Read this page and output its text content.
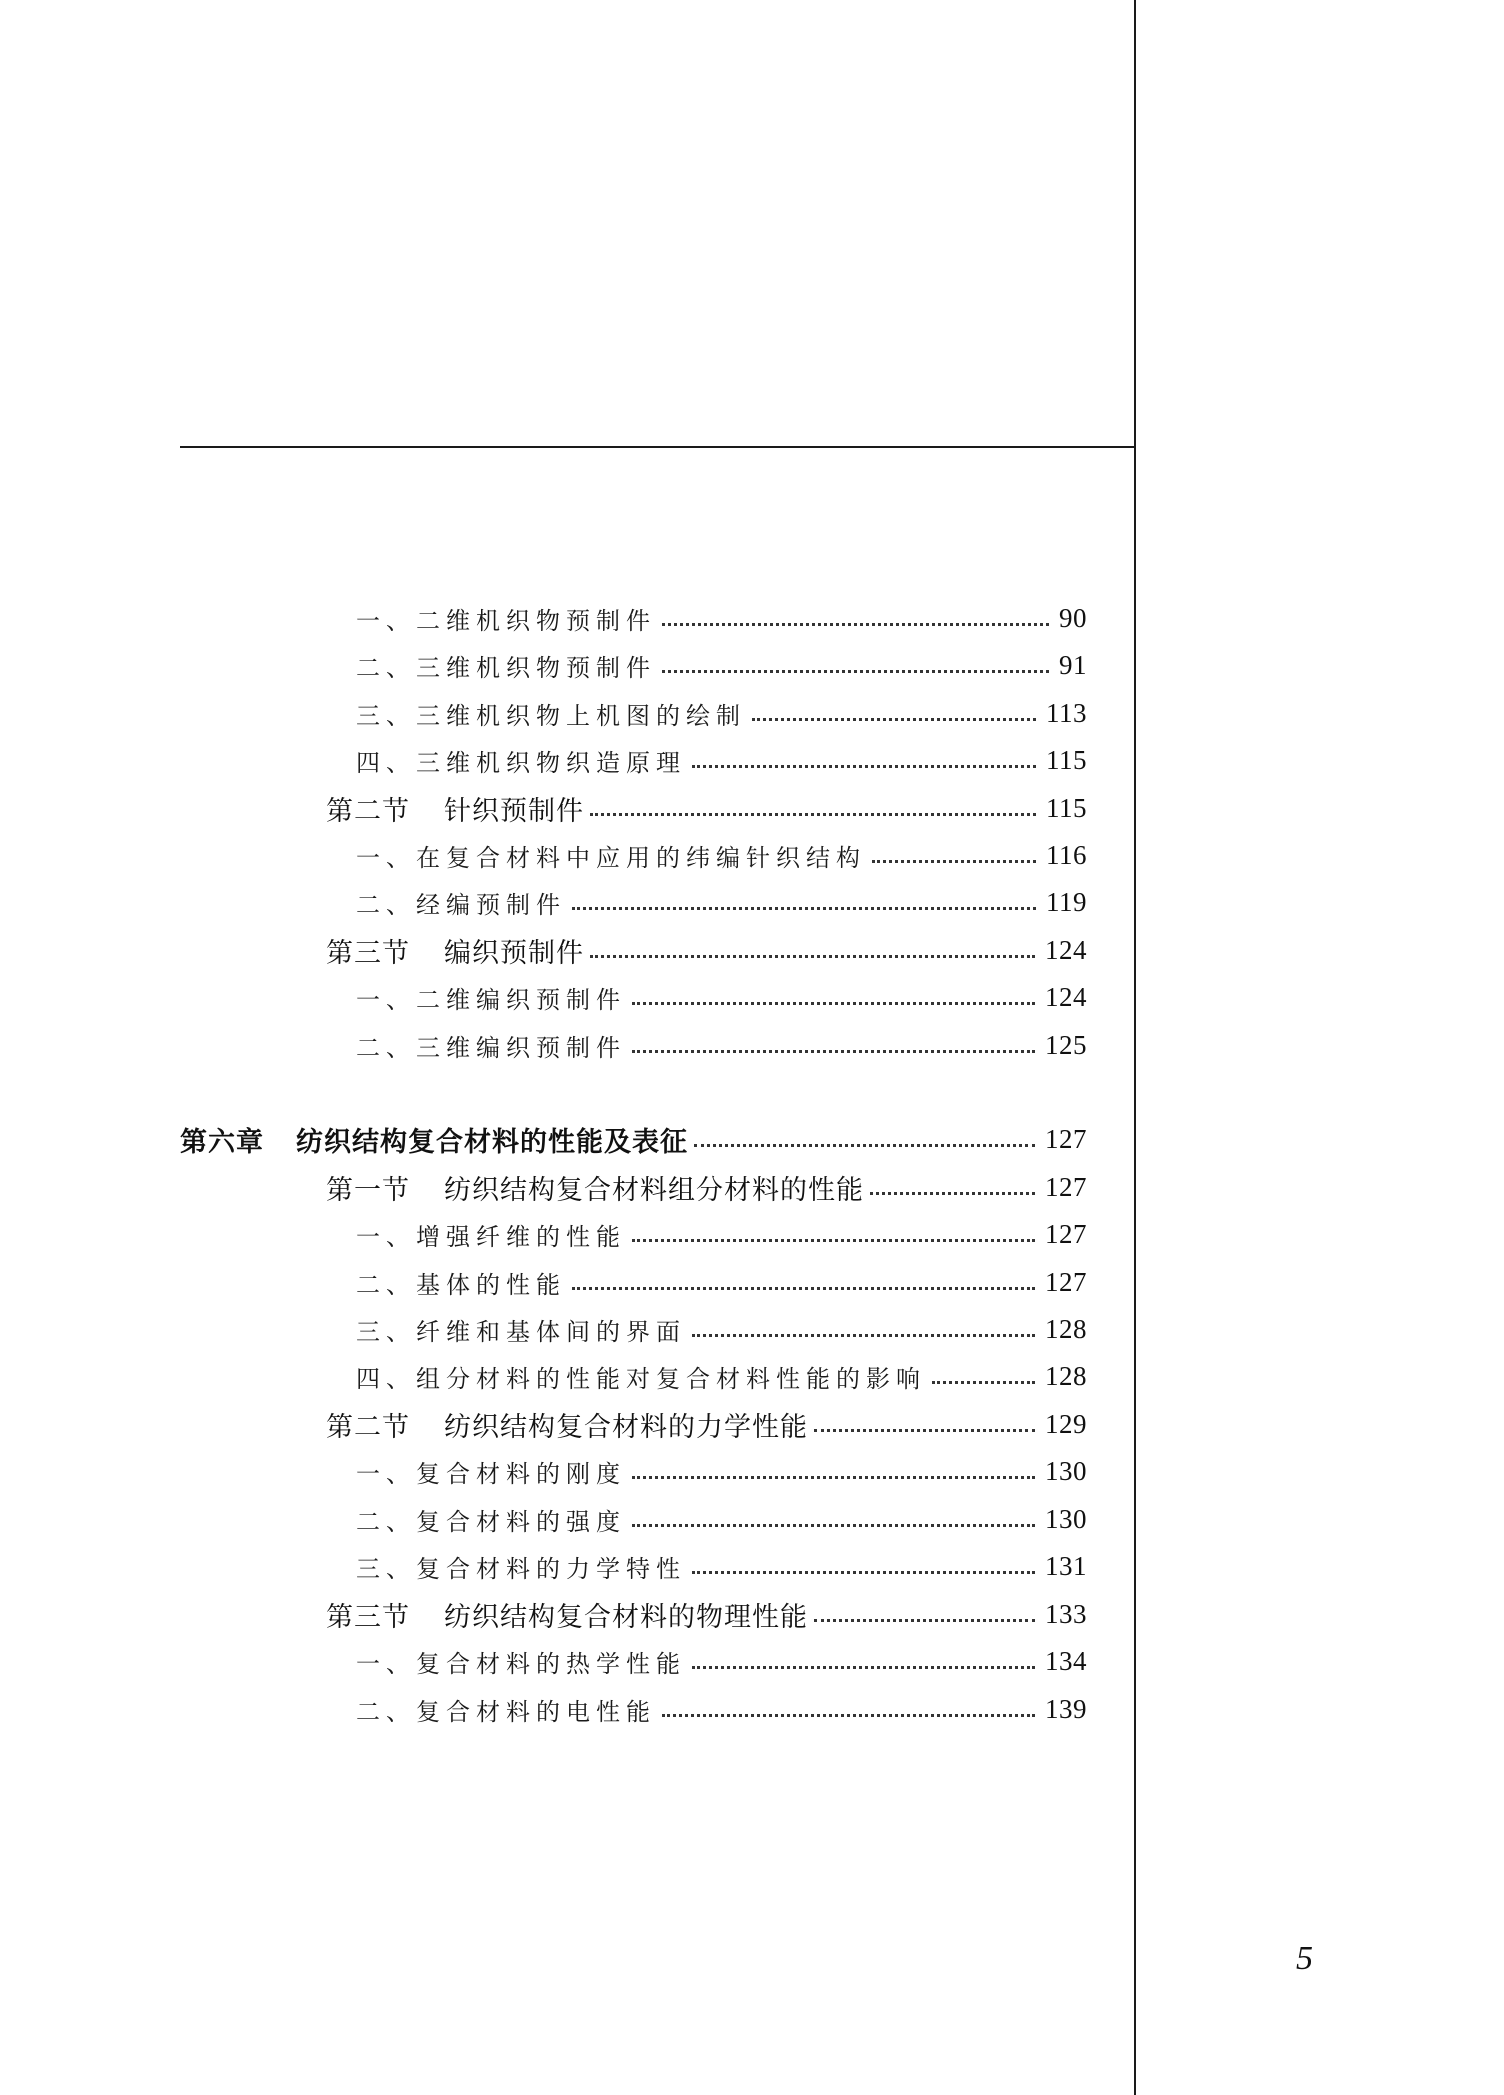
一、二维机织物预制件	90
二、三维机织物预制件	91
三、三维机织物上机图的绘制	113
四、三维机织物织造原理	115
第二节 针织预制件	115
一、在复合材料中应用的纬编针织结构	116
二、经编预制件	119
第三节 编织预制件	124
一、二维编织预制件	124
二、三维编织预制件	125
第六章 纺织结构复合材料的性能及表征	127
第一节 纺织结构复合材料组分材料的性能	127
一、增强纤维的性能	127
二、基体的性能	127
三、纤维和基体间的界面	128
四、组分材料的性能对复合材料性能的影响	128
第二节 纺织结构复合材料的力学性能	129
一、复合材料的刚度	130
二、复合材料的强度	130
三、复合材料的力学特性	131
第三节 纺织结构复合材料的物理性能	133
一、复合材料的热学性能	134
二、复合材料的电性能	139
5
